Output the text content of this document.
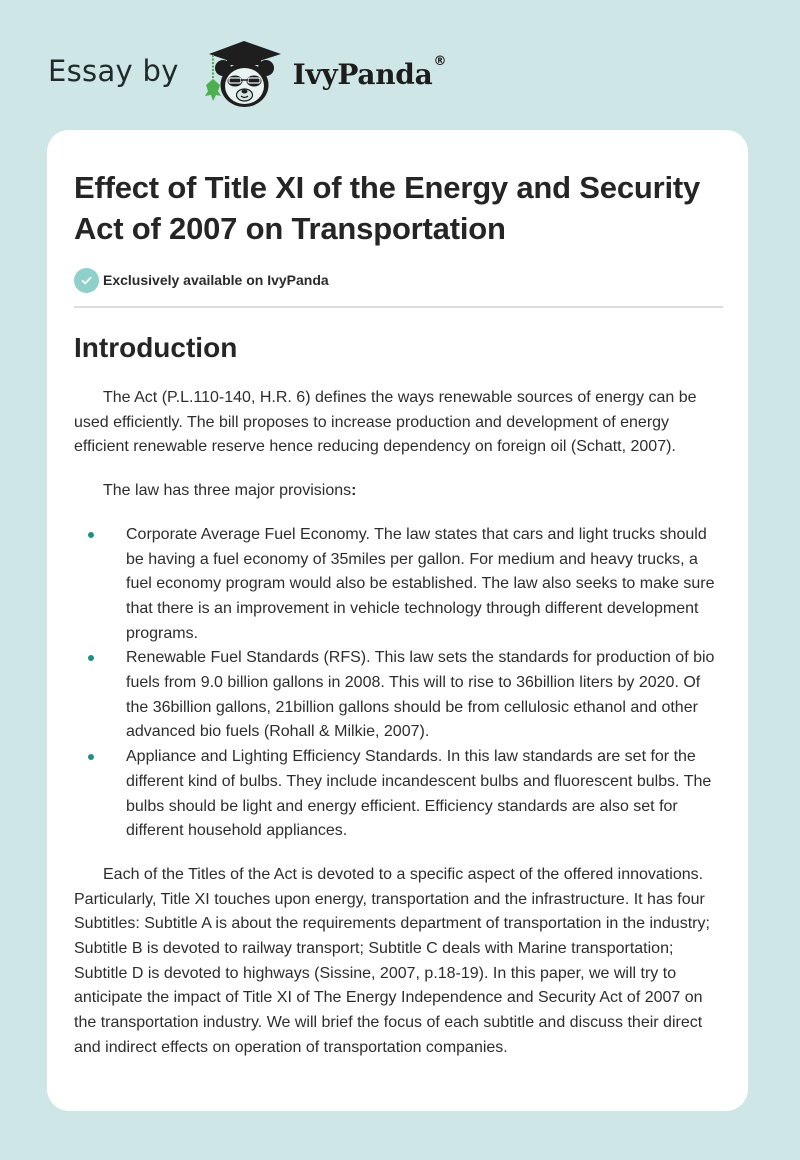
Essay by	IvyPanda®
Effect of Title XI of the Energy and Security Act of 2007 on Transportation
Exclusively available on IvyPanda
Introduction

The Act (P.L.110-140, H.R. 6) defines the ways renewable sources of energy can be used efficiently. The bill proposes to increase production and development of energy efficient renewable reserve hence reducing dependency on foreign oil (Schatt, 2007).

The law has three major provisions:

Corporate Average Fuel Economy. The law states that cars and light trucks should be having a fuel economy of 35miles per gallon. For medium and heavy trucks, a fuel economy program would also be established. The law also seeks to make sure that there is an improvement in vehicle technology through different development programs.
Renewable Fuel Standards (RFS). This law sets the standards for production of bio fuels from 9.0 billion gallons in 2008. This will to rise to 36billion liters by 2020. Of the 36billion gallons, 21billion gallons should be from cellulosic ethanol and other advanced bio fuels (Rohall & Milkie, 2007).
Appliance and Lighting Efficiency Standards. In this law standards are set for the different kind of bulbs. They include incandescent bulbs and fluorescent bulbs. The bulbs should be light and energy efficient. Efficiency standards are also set for different household appliances.

Each of the Titles of the Act is devoted to a specific aspect of the offered innovations. Particularly, Title XI touches upon energy, transportation and the infrastructure. It has four Subtitles: Subtitle A is about the requirements department of transportation in the industry; Subtitle B is devoted to railway transport; Subtitle C deals with Marine transportation; Subtitle D is devoted to highways (Sissine, 2007, p.18-19). In this paper, we will try to anticipate the impact of Title XI of The Energy Independence and Security Act of 2007 on the transportation industry. We will brief the focus of each subtitle and discuss their direct and indirect effects on operation of transportation companies.
